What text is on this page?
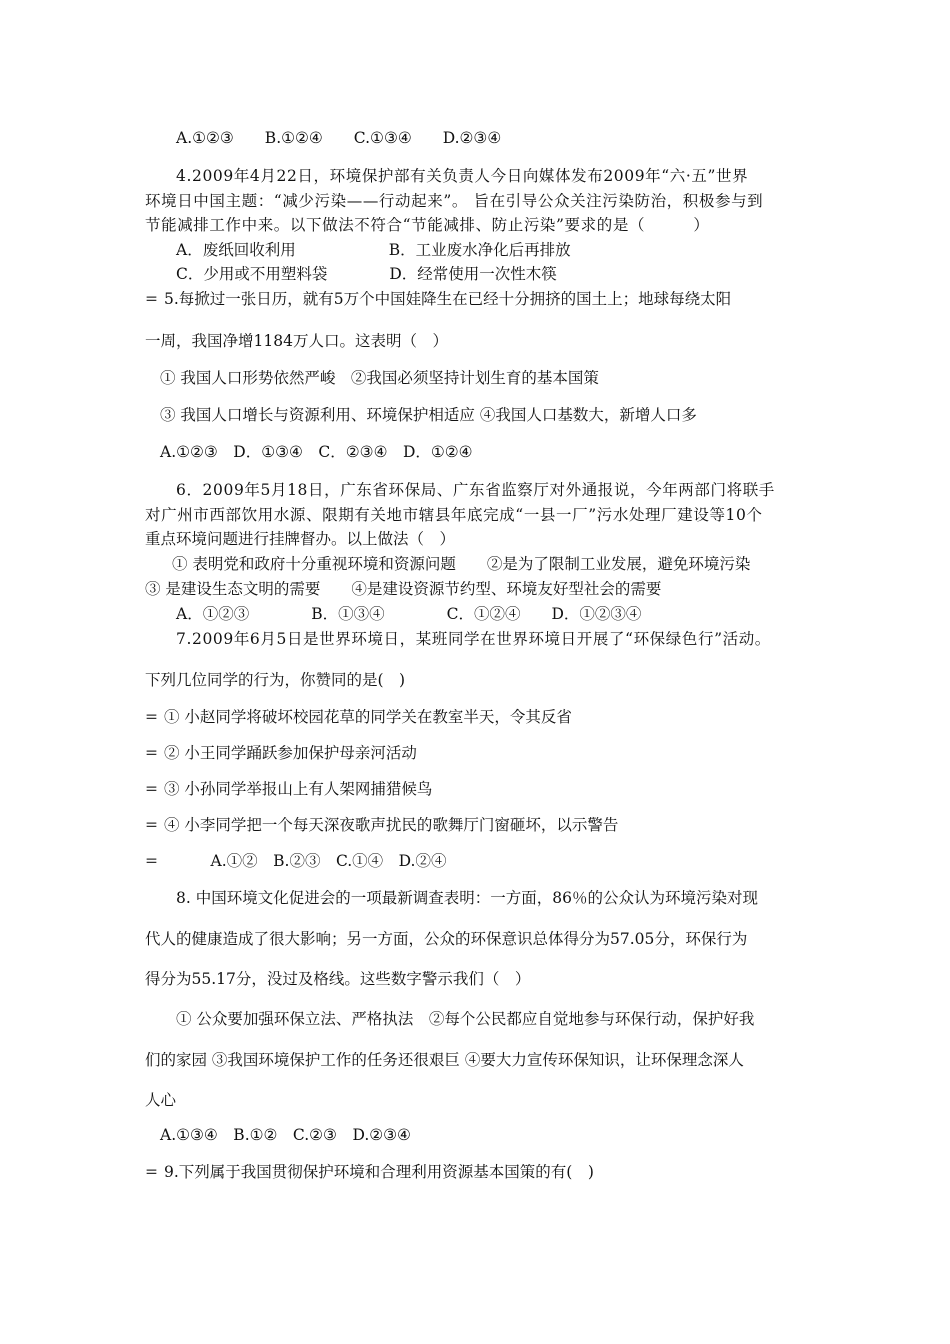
A.①②③　　B.①②④　　C.①③④　　D.②③④
4.2009年4月22日，环境保护部有关负责人今日向媒体发布2009年“六·五”世界
环境日中国主题：“减少污染——行动起来”。 旨在引导公众关注污染防治，积极参与到
节能减排工作中来。以下做法不符合“节能减排、防止污染”要求的是（　　　）
A．废纸回收利用　　　　　　B．工业废水净化后再排放
C．少用或不用塑料袋　　　　D．经常使用一次性木筷
= 5.每掀过一张日历，就有5万个中国娃降生在已经十分拥挤的国土上；地球每绕太阳
一周，我国净增1184万人口。这表明（　）
① 我国人口形势依然严峻　②我国必须坚持计划生育的基本国策
③ 我国人口增长与资源利用、环境保护相适应 ④我国人口基数大，新增人口多
A.①②③　D．①③④　C．②③④　D．①②④
6．2009年5月18日，广东省环保局、广东省监察厅对外通报说，今年两部门将联手
对广州市西部饮用水源、限期有关地市辖县年底完成“一县一厂”污水处理厂建设等10个
重点环境问题进行挂牌督办。以上做法（　）
① 表明党和政府十分重视环境和资源问题　　②是为了限制工业发展，避免环境污染
③ 是建设生态文明的需要　　④是建设资源节约型、环境友好型社会的需要
A．①②③　　　　B．①③④　　　　C．①②④　　D．①②③④
7.2009年6月5日是世界环境日，某班同学在世界环境日开展了“环保绿色行”活动。
下列几位同学的行为，你赞同的是(　)
= ① 小赵同学将破坏校园花草的同学关在教室半天，令其反省
= ② 小王同学踊跃参加保护母亲河活动
= ③ 小孙同学举报山上有人架网捕猎候鸟
= ④ 小李同学把一个每天深夜歌声扰民的歌舞厅门窗砸坏，以示警告
=　　　A.①②　B.②③　C.①④　D.②④
8. 中国环境文化促进会的一项最新调查表明：一方面，86％的公众认为环境污染对现
代人的健康造成了很大影响；另一方面，公众的环保意识总体得分为57.05分，环保行为
得分为55.17分，没过及格线。这些数字警示我们（　）
① 公众要加强环保立法、严格执法　②每个公民都应自觉地参与环保行动，保护好我
们的家园 ③我国环境保护工作的任务还很艰巨 ④要大力宣传环保知识，让环保理念深人
人心
A.①③④　B.①②　C.②③　D.②③④
= 9.下列属于我国贯彻保护环境和合理利用资源基本国策的有(　)
